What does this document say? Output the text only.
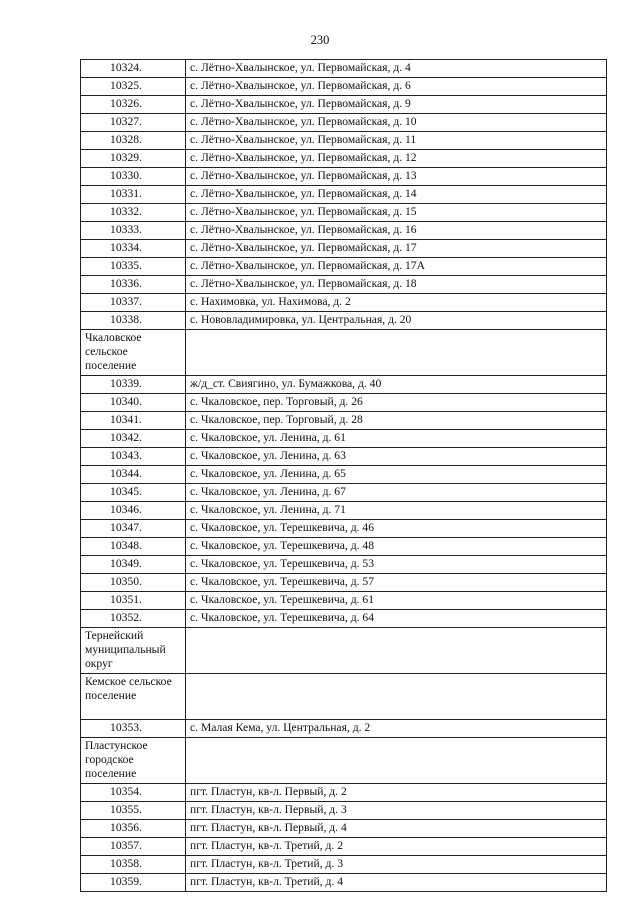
230
10324.	с. Лётно-Хвалынское, ул. Первомайская, д. 4
10325.	с. Лётно-Хвалынское, ул. Первомайская, д. 6
10326.	с. Лётно-Хвалынское, ул. Первомайская, д. 9
10327.	с. Лётно-Хвалынское, ул. Первомайская, д. 10
10328.	с. Лётно-Хвалынское, ул. Первомайская, д. 11
10329.	с. Лётно-Хвалынское, ул. Первомайская, д. 12
10330.	с. Лётно-Хвалынское, ул. Первомайская, д. 13
10331.	с. Лётно-Хвалынское, ул. Первомайская, д. 14
10332.	с. Лётно-Хвалынское, ул. Первомайская, д. 15
10333.	с. Лётно-Хвалынское, ул. Первомайская, д. 16
10334.	с. Лётно-Хвалынское, ул. Первомайская, д. 17
10335.	с. Лётно-Хвалынское, ул. Первомайская, д. 17А
10336.	с. Лётно-Хвалынское, ул. Первомайская, д. 18
10337.	с. Нахимовка, ул. Нахимова, д. 2
10338.	с. Нововладимировка, ул. Центральная, д. 20
Чкаловское сельское поселение	
10339.	ж/д_ст. Свиягино, ул. Бумажкова, д. 40
10340.	с. Чкаловское, пер. Торговый, д. 26
10341.	с. Чкаловское, пер. Торговый, д. 28
10342.	с. Чкаловское, ул. Ленина, д. 61
10343.	с. Чкаловское, ул. Ленина, д. 63
10344.	с. Чкаловское, ул. Ленина, д. 65
10345.	с. Чкаловское, ул. Ленина, д. 67
10346.	с. Чкаловское, ул. Ленина, д. 71
10347.	с. Чкаловское, ул. Терешкевича, д. 46
10348.	с. Чкаловское, ул. Терешкевича, д. 48
10349.	с. Чкаловское, ул. Терешкевича, д. 53
10350.	с. Чкаловское, ул. Терешкевича, д. 57
10351.	с. Чкаловское, ул. Терешкевича, д. 61
10352.	с. Чкаловское, ул. Терешкевича, д. 64
Тернейский муниципальный округ	
Кемское сельское поселение	
10353.	с. Малая Кема, ул. Центральная, д. 2
Пластунское городское поселение	
10354.	пгт. Пластун, кв-л. Первый, д. 2
10355.	пгт. Пластун, кв-л. Первый, д. 3
10356.	пгт. Пластун, кв-л. Первый, д. 4
10357.	пгт. Пластун, кв-л. Третий, д. 2
10358.	пгт. Пластун, кв-л. Третий, д. 3
10359.	пгт. Пластун, кв-л. Третий, д. 4
